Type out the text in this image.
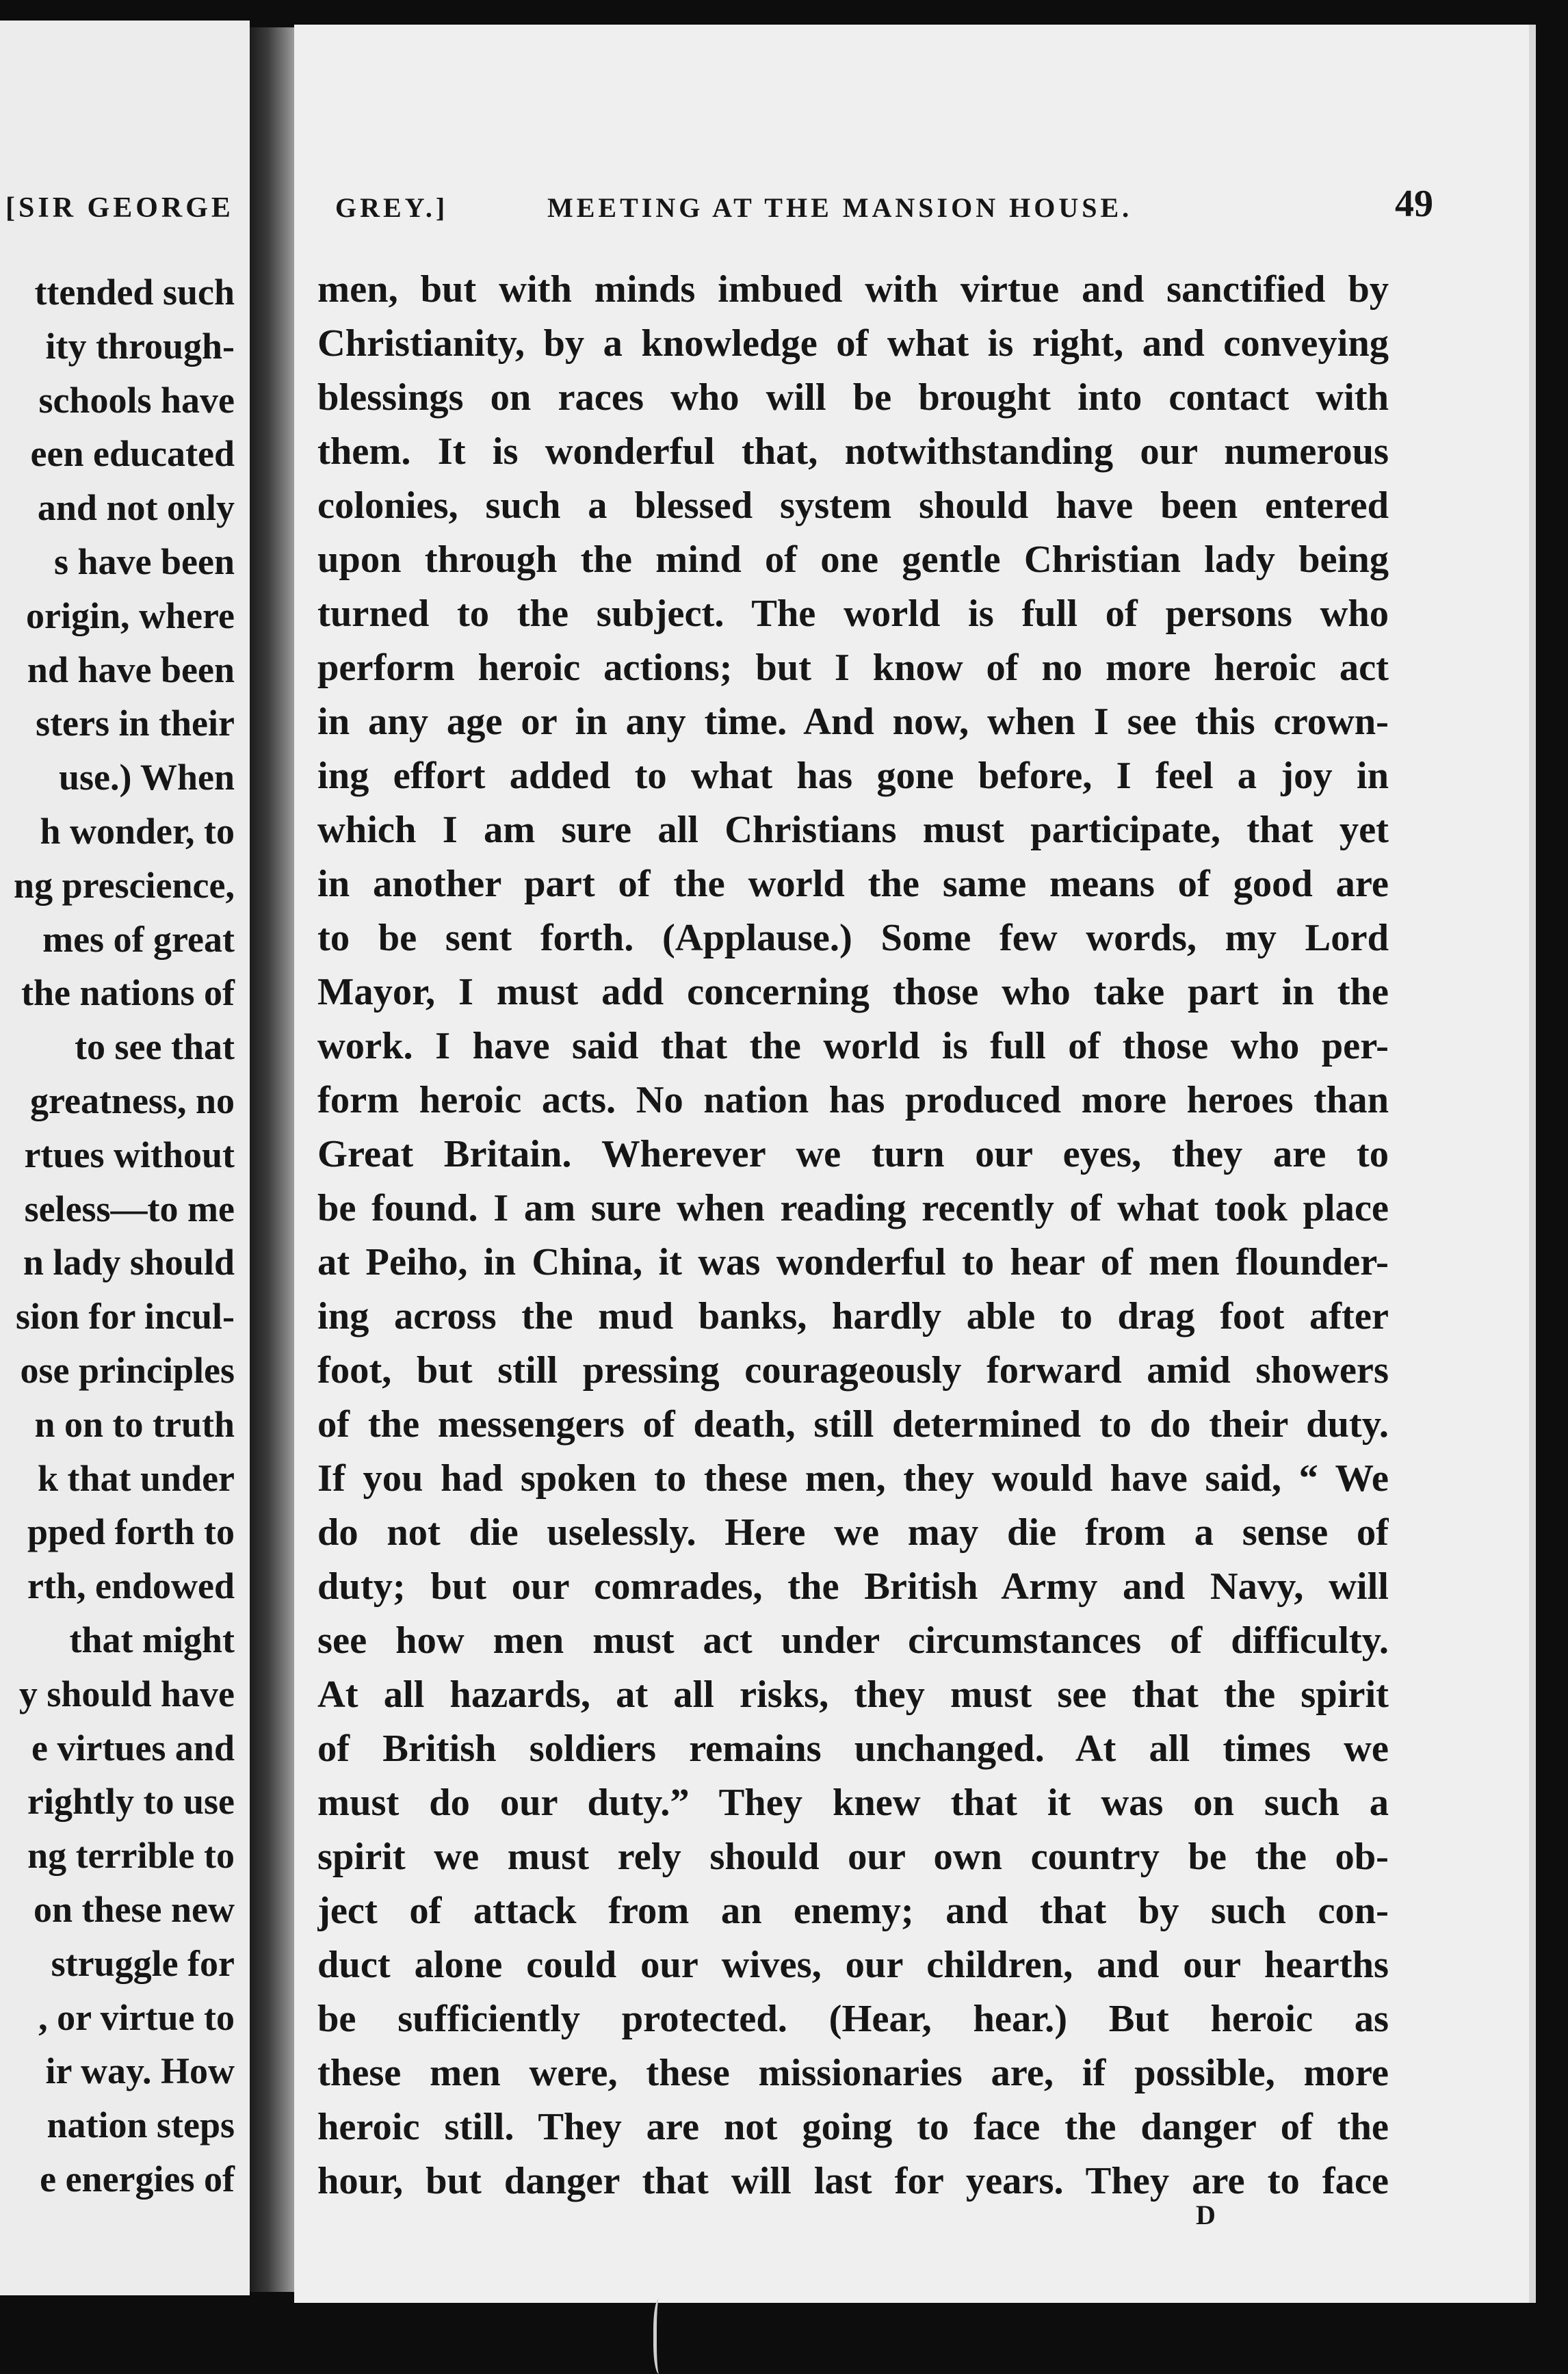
[SIR GEORGE
ttended such
ity through-
schools have
een educated
and not only
s have been
origin, where
nd have been
sters in their
use.) When
h wonder, to
ng prescience,
mes of great
the nations of
to see that
greatness, no
rtues without
seless—to me
n lady should
sion for incul-
ose principles
n on to truth
k that under
pped forth to
rth, endowed
that might
y should have
e virtues and
rightly to use
ng terrible to
on these new
struggle for
, or virtue to
ir way. How
nation steps
e energies of
GREY.]	MEETING AT THE MANSION HOUSE.	49
men, but with minds imbued with virtue and sanctified by
Christianity, by a knowledge of what is right, and conveying
blessings on races who will be brought into contact with
them. It is wonderful that, notwithstanding our numerous
colonies, such a blessed system should have been entered
upon through the mind of one gentle Christian lady being
turned to the subject. The world is full of persons who
perform heroic actions; but I know of no more heroic act
in any age or in any time. And now, when I see this crown-
ing effort added to what has gone before, I feel a joy in
which I am sure all Christians must participate, that yet
in another part of the world the same means of good are
to be sent forth. (Applause.) Some few words, my Lord
Mayor, I must add concerning those who take part in the
work. I have said that the world is full of those who per-
form heroic acts. No nation has produced more heroes than
Great Britain. Wherever we turn our eyes, they are to
be found. I am sure when reading recently of what took place
at Peiho, in China, it was wonderful to hear of men flounder-
ing across the mud banks, hardly able to drag foot after
foot, but still pressing courageously forward amid showers
of the messengers of death, still determined to do their duty.
If you had spoken to these men, they would have said, “ We
do not die uselessly. Here we may die from a sense of
duty; but our comrades, the British Army and Navy, will
see how men must act under circumstances of difficulty.
At all hazards, at all risks, they must see that the spirit
of British soldiers remains unchanged. At all times we
must do our duty.” They knew that it was on such a
spirit we must rely should our own country be the ob-
ject of attack from an enemy; and that by such con-
duct alone could our wives, our children, and our hearths
be sufficiently protected. (Hear, hear.) But heroic as
these men were, these missionaries are, if possible, more
heroic still. They are not going to face the danger of the
hour, but danger that will last for years. They are to face
D
